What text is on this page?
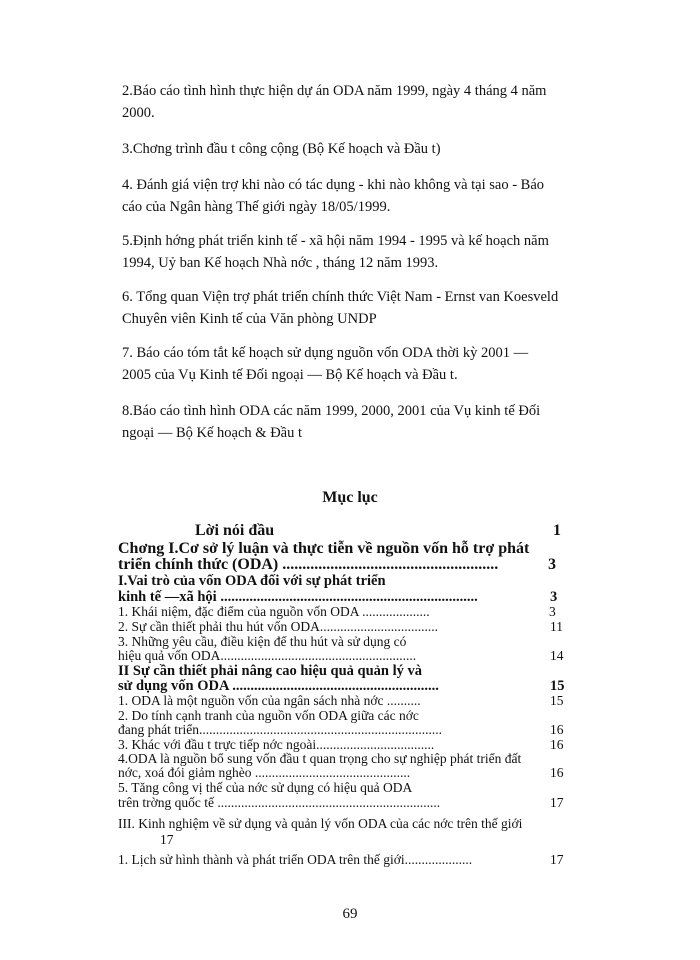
2.Báo cáo tình hình thực hiện dự án ODA năm 1999, ngày 4 tháng 4 năm
2000.
3.Chơng trình đầu t công cộng (Bộ Kế hoạch và Đầu t)
4. Đánh giá viện trợ khi nào có tác dụng - khi nào không và tại sao - Báo
cáo của Ngân hàng Thế giới ngày 18/05/1999.
5.Định hớng phát triển kinh tế - xã hội năm 1994 - 1995 và kế hoạch năm
1994, Uỷ ban Kế hoạch Nhà nớc , tháng 12 năm 1993.
6. Tổng quan Viện trợ phát triển chính thức Việt Nam - Ernst van Koesveld
Chuyên viên Kinh tế của Văn phòng UNDP
7. Báo cáo tóm tắt kế hoạch sử dụng nguồn vốn ODA thời kỳ 2001 —
2005 của Vụ Kinh tế Đối ngoại — Bộ Kế hoạch và Đầu t.
8.Báo cáo tình hình ODA các năm 1999, 2000, 2001 của Vụ kinh tế Đối
ngoại — Bộ Kế hoạch & Đầu t
Mục lục
Lời nói đầu	1
Chơng I.Cơ sở lý luận và thực tiễn về nguồn vốn hỗ trợ phát
triển chính thức (ODA) ......................................................	3
I.Vai trò của vốn ODA đối với sự phát triển
kinh tế —xã hội .......................................................................	3
1. Khái niệm, đặc điểm của nguồn vốn ODA ....................	3
2. Sự cần thiết phải thu hút vốn ODA...................................	11
3. Những yêu cầu, điều kiện để thu hút và sử dụng có
hiệu quả vốn ODA..........................................................	14
II Sự cần thiết phải nâng cao hiệu quả quản lý và
sử dụng vốn ODA .........................................................	15
1. ODA là một nguồn vốn của ngân sách nhà nớc ..........	15
2. Do tính cạnh tranh của nguồn vốn ODA giữa các nớc
đang phát triển........................................................................	16
3. Khác với đầu t trực tiếp nớc ngoài...................................	16
4.ODA là nguồn bổ sung vốn đầu t quan trọng cho sự nghiệp phát triển đất
nớc, xoá đói giảm nghèo ..............................................	16
5. Tăng công vị thế của nớc sử dụng có hiệu quả ODA
trên trờng quốc tế ..................................................................	17
III. Kinh nghiệm về sử dụng và quản lý vốn ODA của các nớc trên thế giới
17
1. Lịch sử hình thành và phát triển ODA trên thế giới....................	17
69
